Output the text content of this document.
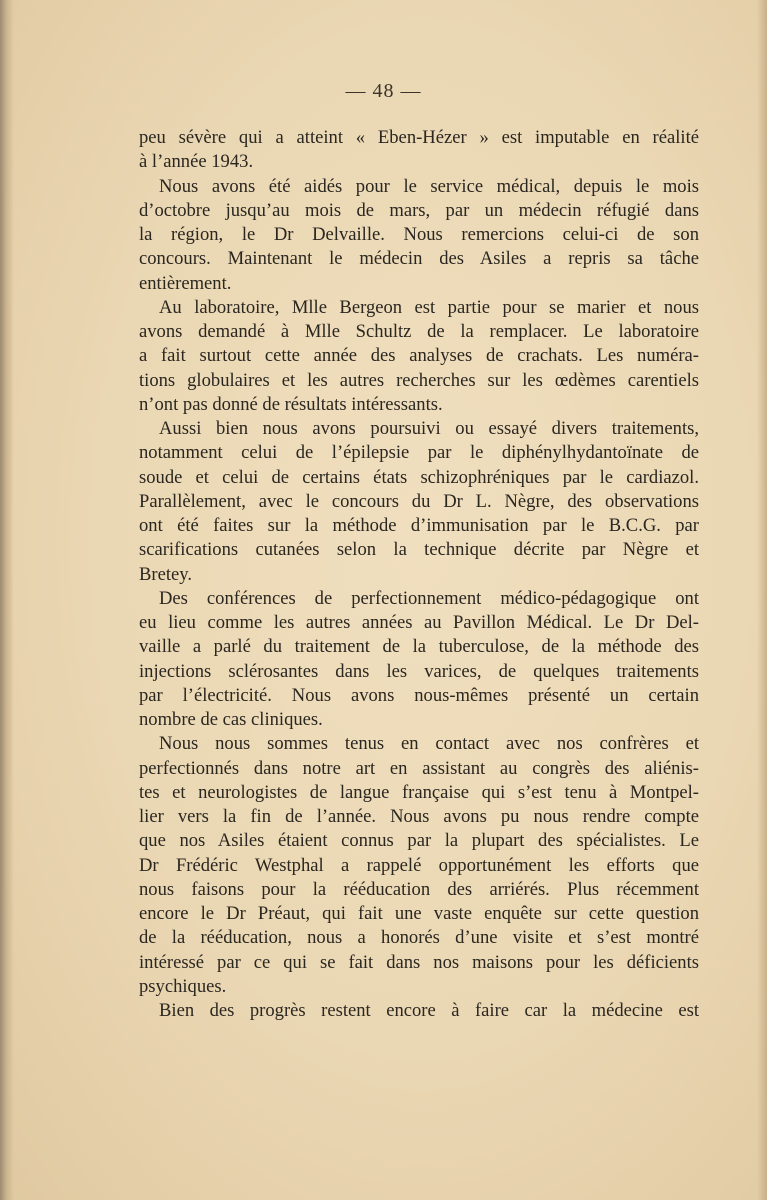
— 48 —
peu sévère qui a atteint « Eben-Hézer » est imputable en réalité
à l’année 1943.
Nous avons été aidés pour le service médical, depuis le mois
d’octobre jusqu’au mois de mars, par un médecin réfugié dans
la région, le Dr Delvaille. Nous remercions celui-ci de son
concours. Maintenant le médecin des Asiles a repris sa tâche
entièrement.
Au laboratoire, Mlle Bergeon est partie pour se marier et nous
avons demandé à Mlle Schultz de la remplacer. Le laboratoire
a fait surtout cette année des analyses de crachats. Les numéra-
tions globulaires et les autres recherches sur les œdèmes carentiels
n’ont pas donné de résultats intéressants.
Aussi bien nous avons poursuivi ou essayé divers traitements,
notamment celui de l’épilepsie par le diphénylhydantoïnate de
soude et celui de certains états schizophréniques par le cardiazol.
Parallèlement, avec le concours du Dr L. Nègre, des observations
ont été faites sur la méthode d’immunisation par le B.C.G. par
scarifications cutanées selon la technique décrite par Nègre et
Bretey.
Des conférences de perfectionnement médico-pédagogique ont
eu lieu comme les autres années au Pavillon Médical. Le Dr Del-
vaille a parlé du traitement de la tuberculose, de la méthode des
injections sclérosantes dans les varices, de quelques traitements
par l’électricité. Nous avons nous-mêmes présenté un certain
nombre de cas cliniques.
Nous nous sommes tenus en contact avec nos confrères et
perfectionnés dans notre art en assistant au congrès des aliénis-
tes et neurologistes de langue française qui s’est tenu à Montpel-
lier vers la fin de l’année. Nous avons pu nous rendre compte
que nos Asiles étaient connus par la plupart des spécialistes. Le
Dr Frédéric Westphal a rappelé opportunément les efforts que
nous faisons pour la rééducation des arriérés. Plus récemment
encore le Dr Préaut, qui fait une vaste enquête sur cette question
de la rééducation, nous a honorés d’une visite et s’est montré
intéressé par ce qui se fait dans nos maisons pour les déficients
psychiques.
Bien des progrès restent encore à faire car la médecine est
